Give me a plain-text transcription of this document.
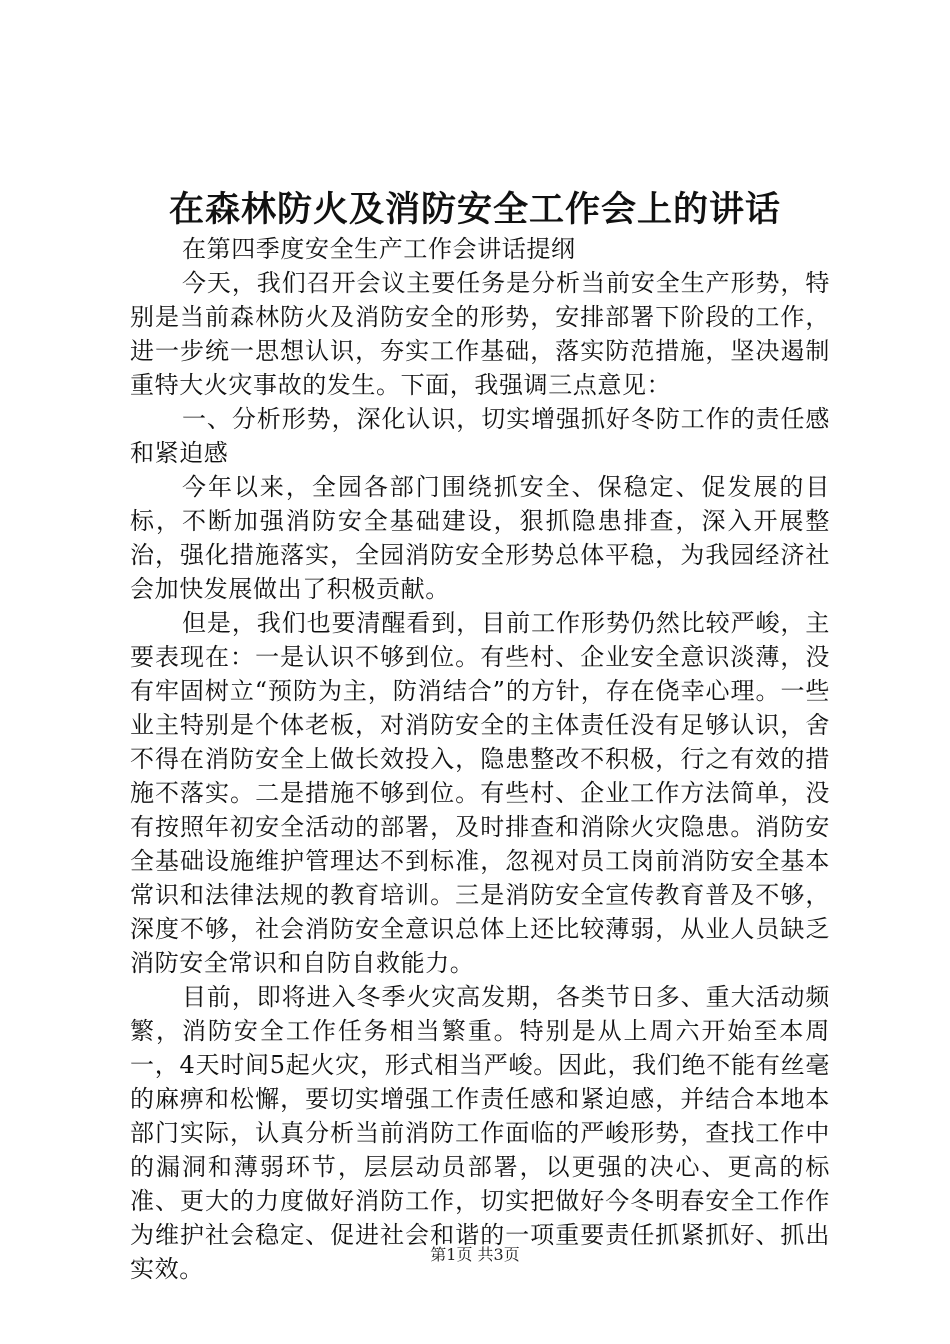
在森林防火及消防安全工作会上的讲话

在第四季度安全生产工作会讲话提纲

今天，我们召开会议主要任务是分析当前安全生产形势，特别是当前森林防火及消防安全的形势，安排部署下阶段的工作，进一步统一思想认识，夯实工作基础，落实防范措施，坚决遏制重特大火灾事故的发生。下面，我强调三点意见：

一、分析形势，深化认识，切实增强抓好冬防工作的责任感和紧迫感

今年以来，全园各部门围绕抓安全、保稳定、促发展的目标，不断加强消防安全基础建设，狠抓隐患排查，深入开展整治，强化措施落实，全园消防安全形势总体平稳，为我园经济社会加快发展做出了积极贡献。

但是，我们也要清醒看到，目前工作形势仍然比较严峻，主要表现在：一是认识不够到位。有些村、企业安全意识淡薄，没有牢固树立“预防为主，防消结合”的方针，存在侥幸心理。一些业主特别是个体老板，对消防安全的主体责任没有足够认识，舍不得在消防安全上做长效投入，隐患整改不积极，行之有效的措施不落实。二是措施不够到位。有些村、企业工作方法简单，没有按照年初安全活动的部署，及时排查和消除火灾隐患。消防安全基础设施维护管理达不到标准，忽视对员工岗前消防安全基本常识和法律法规的教育培训。三是消防安全宣传教育普及不够，深度不够，社会消防安全意识总体上还比较薄弱，从业人员缺乏消防安全常识和自防自救能力。

目前，即将进入冬季火灾高发期，各类节日多、重大活动频繁，消防安全工作任务相当繁重。特别是从上周六开始至本周一，4天时间5起火灾，形式相当严峻。因此，我们绝不能有丝毫的麻痹和松懈，要切实增强工作责任感和紧迫感，并结合本地本部门实际，认真分析当前消防工作面临的严峻形势，查找工作中的漏洞和薄弱环节，层层动员部署，以更强的决心、更高的标准、更大的力度做好消防工作，切实把做好今冬明春安全工作作为维护社会稳定、促进社会和谐的一项重要责任抓紧抓好、抓出实效。

第1页 共3页
